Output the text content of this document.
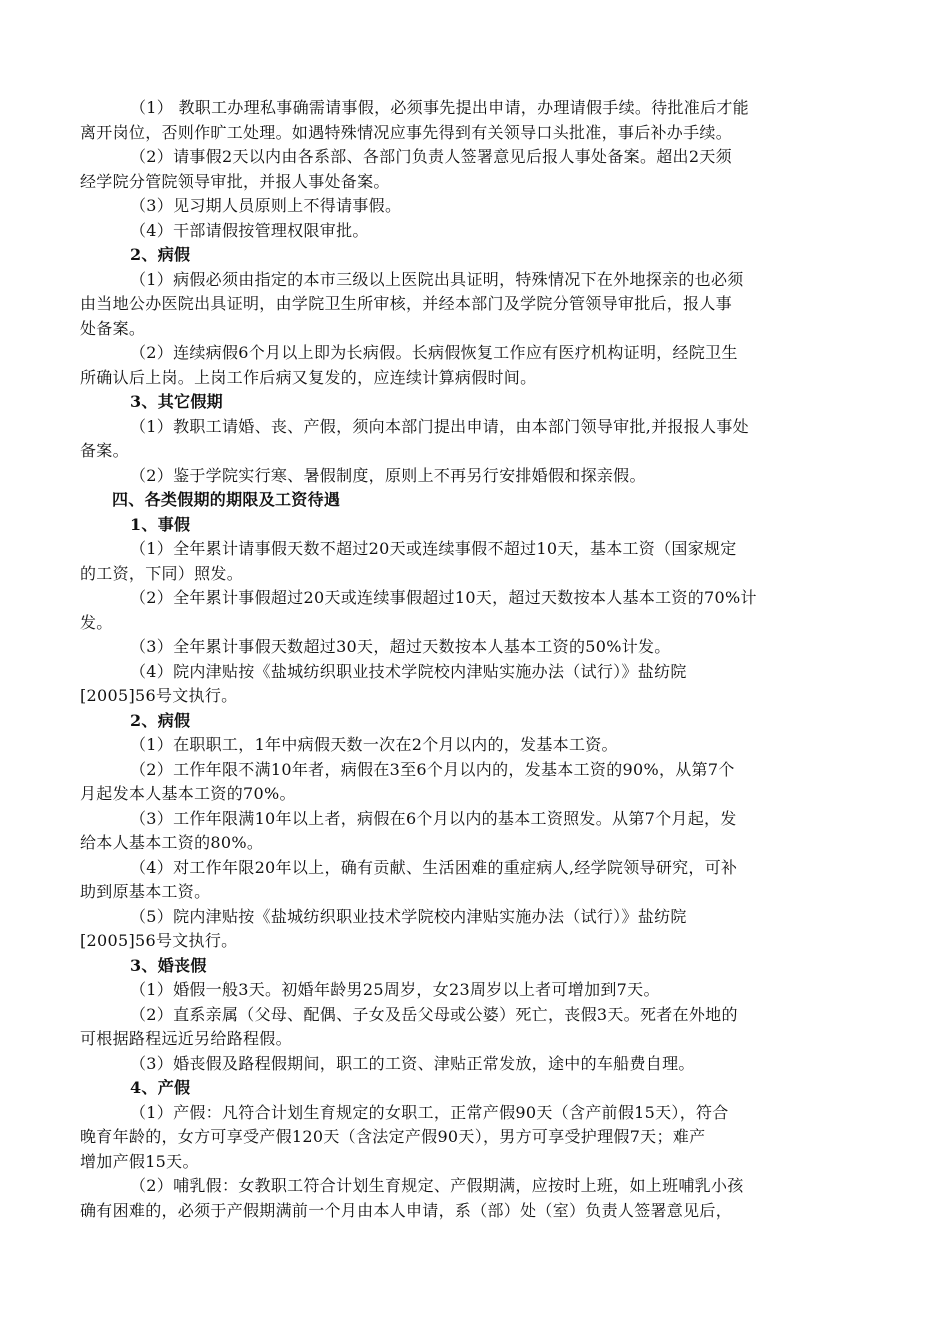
（1） 教职工办理私事确需请事假，必须事先提出申请，办理请假手续。待批准后才能
离开岗位，否则作旷工处理。如遇特殊情况应事先得到有关领导口头批准，事后补办手续。
（2）请事假2天以内由各系部、各部门负责人签署意见后报人事处备案。超出2天须
经学院分管院领导审批，并报人事处备案。
（3）见习期人员原则上不得请事假。
（4）干部请假按管理权限审批。
2、病假
（1）病假必须由指定的本市三级以上医院出具证明，特殊情况下在外地探亲的也必须
由当地公办医院出具证明，由学院卫生所审核，并经本部门及学院分管领导审批后，报人事
处备案。
（2）连续病假6个月以上即为长病假。长病假恢复工作应有医疗机构证明，经院卫生
所确认后上岗。上岗工作后病又复发的，应连续计算病假时间。
3、其它假期
（1）教职工请婚、丧、产假，须向本部门提出申请，由本部门领导审批,并报报人事处
备案。
（2）鉴于学院实行寒、暑假制度，原则上不再另行安排婚假和探亲假。
四、各类假期的期限及工资待遇
1、事假
（1）全年累计请事假天数不超过20天或连续事假不超过10天，基本工资（国家规定
的工资，下同）照发。
（2）全年累计事假超过20天或连续事假超过10天，超过天数按本人基本工资的70%计
发。
（3）全年累计事假天数超过30天，超过天数按本人基本工资的50%计发。
（4）院内津贴按《盐城纺织职业技术学院校内津贴实施办法（试行）》盐纺院
[2005]56号文执行。
2、病假
（1）在职职工，1年中病假天数一次在2个月以内的，发基本工资。
（2）工作年限不满10年者，病假在3至6个月以内的，发基本工资的90%，从第7个
月起发本人基本工资的70%。
（3）工作年限满10年以上者，病假在6个月以内的基本工资照发。从第7个月起，发
给本人基本工资的80%。
（4）对工作年限20年以上，确有贡献、生活困难的重症病人,经学院领导研究，可补
助到原基本工资。
（5）院内津贴按《盐城纺织职业技术学院校内津贴实施办法（试行）》盐纺院
[2005]56号文执行。
3、婚丧假
（1）婚假一般3天。初婚年龄男25周岁，女23周岁以上者可增加到7天。
（2）直系亲属（父母、配偶、子女及岳父母或公婆）死亡，丧假3天。死者在外地的
可根据路程远近另给路程假。
（3）婚丧假及路程假期间，职工的工资、津贴正常发放，途中的车船费自理。
4、产假
（1）产假：凡符合计划生育规定的女职工，正常产假90天（含产前假15天），符合
晚育年龄的，女方可享受产假120天（含法定产假90天），男方可享受护理假7天；难产
增加产假15天。
（2）哺乳假：女教职工符合计划生育规定、产假期满，应按时上班，如上班哺乳小孩
确有困难的，必须于产假期满前一个月由本人申请，系（部）处（室）负责人签署意见后，
